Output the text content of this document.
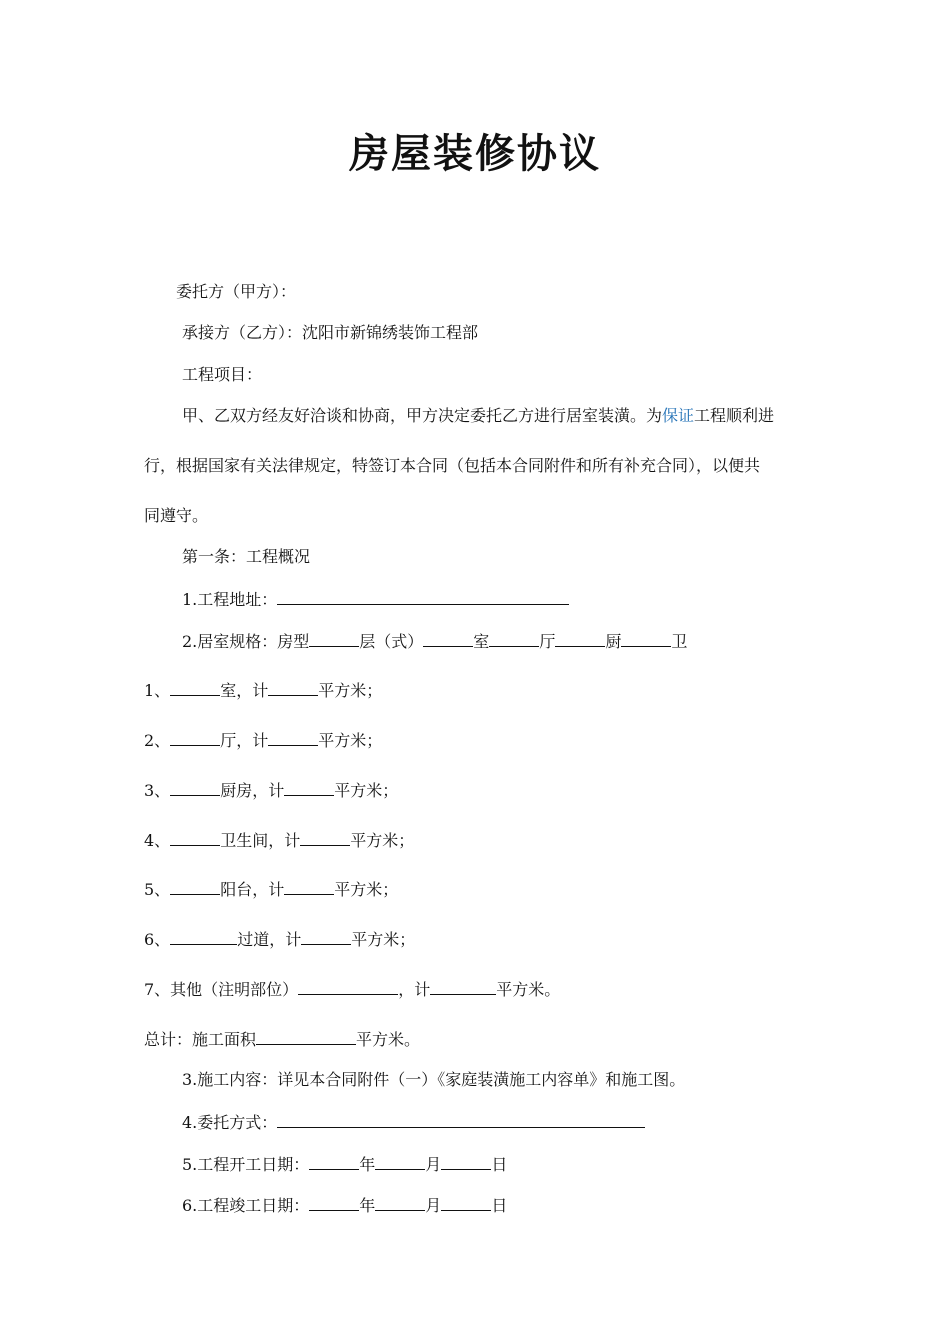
房屋装修协议
委托方（甲方）：
承接方（乙方）：沈阳市新锦绣装饰工程部
工程项目：
甲、乙双方经友好洽谈和协商，甲方决定委托乙方进行居室装潢。为保证工程顺利进
行，根据国家有关法律规定，特签订本合同（包括本合同附件和所有补充合同），以便共
同遵守。
第一条：工程概况
1.工程地址：
2.居室规格：房型	层（式）	室	厅	厨	卫
1、	室，计	平方米；
2、	厅，计	平方米；
3、	厨房，计	平方米；
4、	卫生间，计	平方米；
5、	阳台，计	平方米；
6、	过道，计	平方米；
7、其他（注明部位）	，计	平方米。
总计：施工面积	平方米。
3.施工内容：详见本合同附件（一）《家庭装潢施工内容单》和施工图。
4.委托方式：
5.工程开工日期：	年	月	日
6.工程竣工日期：	年	月	日
